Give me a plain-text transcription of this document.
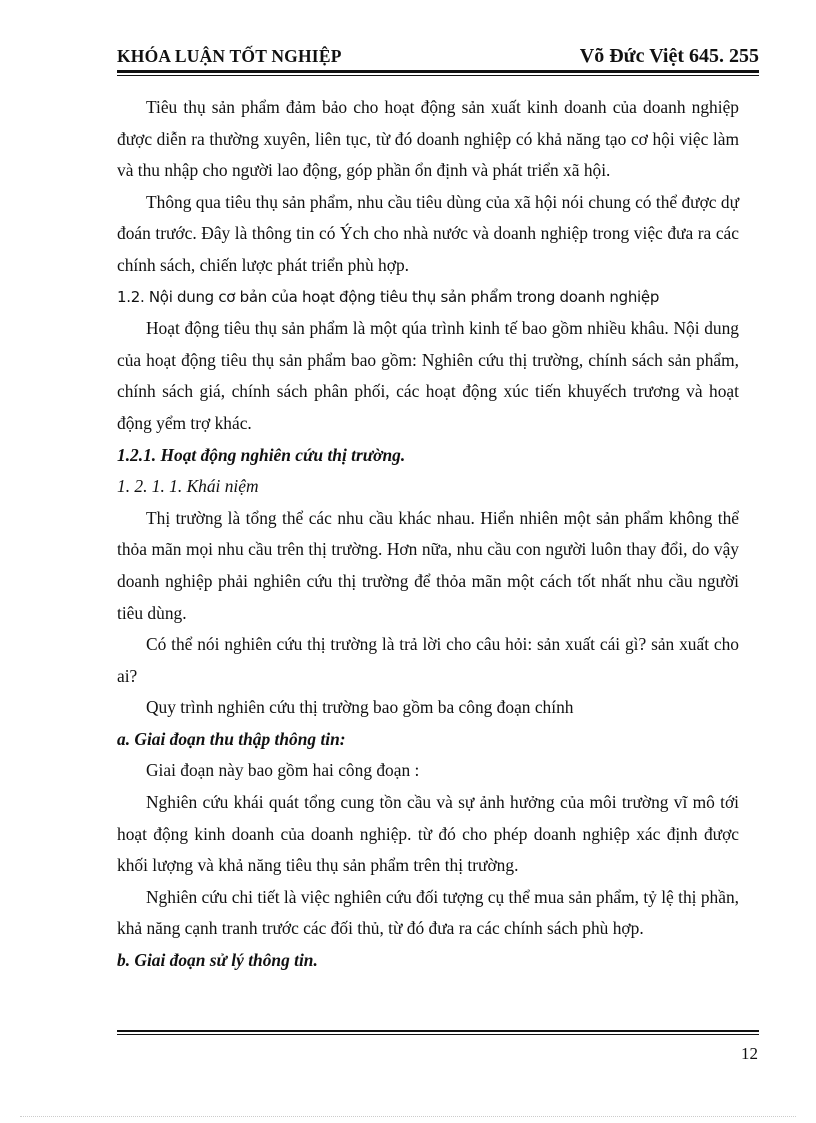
KHÓA LUẬN TỐT NGHIỆP	Võ Đức Việt 645. 255

Tiêu thụ sản phẩm đảm bảo cho hoạt động sản xuất kinh doanh của doanh nghiệp được diễn ra thường xuyên, liên tục, từ đó doanh nghiệp có khả năng tạo cơ hội việc làm và thu nhập cho người lao động, góp phần ổn định và phát triển xã hội.

Thông qua tiêu thụ sản phẩm, nhu cầu tiêu dùng của xã hội nói chung có thể được dự đoán trước. Đây là thông tin có Ých cho nhà nước và doanh nghiệp trong việc đưa ra các chính sách, chiến lược phát triển phù hợp.

1.2. Nội dung cơ bản của hoạt động tiêu thụ sản phẩm trong doanh nghiệp

Hoạt động tiêu thụ sản phẩm là một qúa trình kinh tế bao gồm nhiều khâu. Nội dung của hoạt động tiêu thụ sản phẩm bao gồm: Nghiên cứu thị trường, chính sách sản phẩm, chính sách giá, chính sách phân phối, các hoạt động xúc tiến khuyếch trương và hoạt động yểm trợ khác.

1.2.1. Hoạt động nghiên cứu thị trường.

1. 2. 1. 1. Khái niệm

Thị trường là tổng thể các nhu cầu khác nhau. Hiển nhiên một sản phẩm không thể thỏa mãn mọi nhu cầu trên thị trường. Hơn nữa, nhu cầu con người luôn thay đổi, do vậy doanh nghiệp phải nghiên cứu thị trường để thỏa mãn một cách tốt nhất nhu cầu người tiêu dùng.

Có thể nói nghiên cứu thị trường là trả lời cho câu hỏi: sản xuất cái gì? sản xuất cho ai?

Quy trình nghiên cứu thị trường bao gồm ba công đoạn chính

a. Giai đoạn thu thập thông tin:

Giai đoạn này bao gồm hai công đoạn :

Nghiên cứu khái quát tổng cung tồn cầu và sự ảnh hưởng của môi trường vĩ mô tới hoạt động kinh doanh của doanh nghiệp. từ đó cho phép doanh nghiệp xác định được khối lượng và khả năng tiêu thụ sản phẩm trên thị trường.

Nghiên cứu chi tiết là việc nghiên cứu đối tượng cụ thể mua sản phẩm, tỷ lệ thị phần, khả năng cạnh tranh trước các đối thủ, từ đó đưa ra các chính sách phù hợp.

b. Giai đoạn sử lý thông tin.

12
